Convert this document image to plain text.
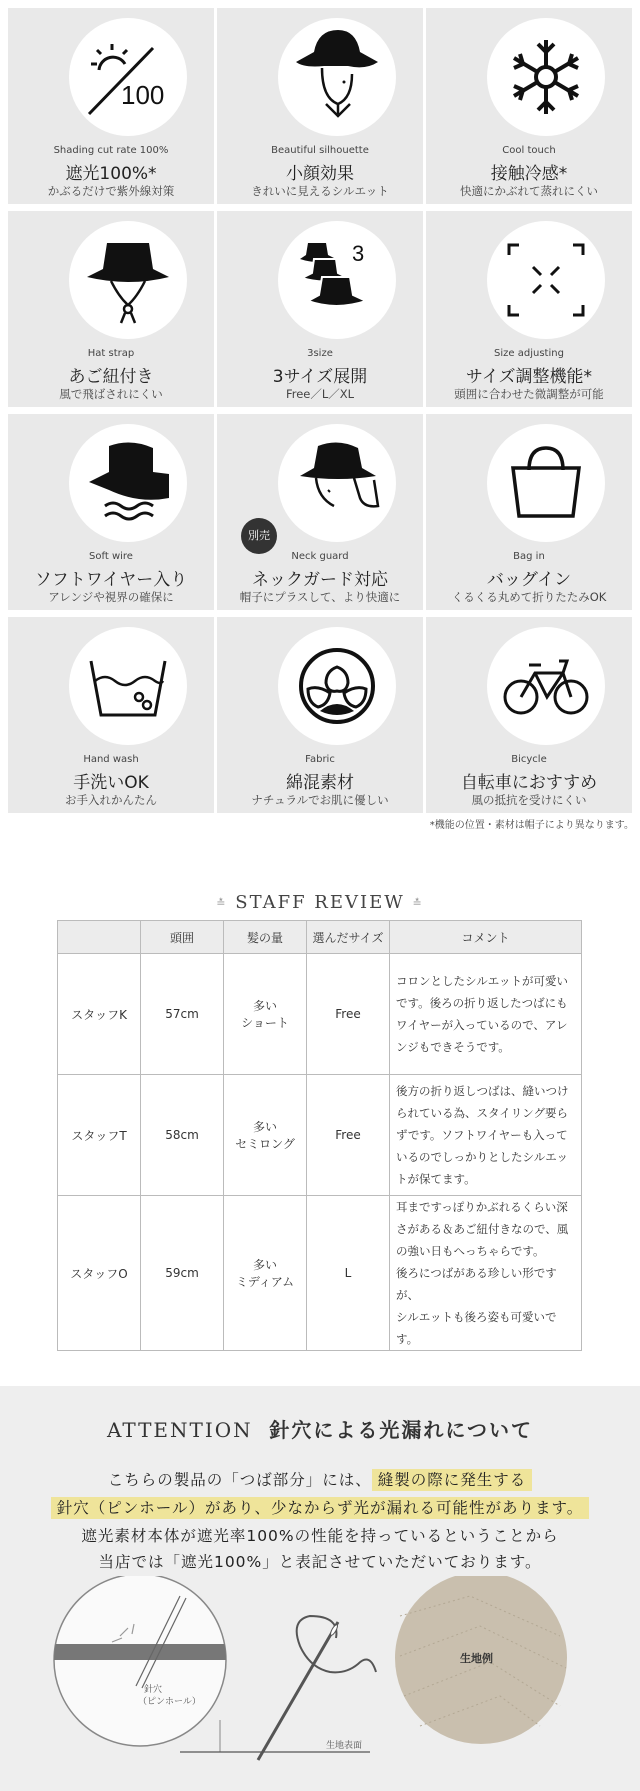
100
Shading cut rate 100%
遮光100%*
かぶるだけで紫外線対策
Beautiful silhouette
小顔効果
きれいに見えるシルエット
Cool touch
接触冷感*
快適にかぶれて蒸れにくい
Hat strap
あご紐付き
風で飛ばされにくい
3
3size
3サイズ展開
Free／L／XL
Size adjusting
サイズ調整機能*
頭囲に合わせた微調整が可能
Soft wire
ソフトワイヤー入り
アレンジや視界の確保に
別売
Neck guard
ネックガード対応
帽子にプラスして、より快適に
Bag in
バッグイン
くるくる丸めて折りたたみOK
Hand wash
手洗いOK
お手入れかんたん
Fabric
綿混素材
ナチュラルでお肌に優しい
Bicycle
自転車におすすめ
風の抵抗を受けにくい
*機能の位置・素材は帽子により異なります。
≛ STAFF REVIEW ≛
	頭囲	髪の量	選んだサイズ	コメント
スタッフK	57cm	多い
ショート	Free	コロンとしたシルエットが可愛い
です。後ろの折り返したつばにも
ワイヤーが入っているので、アレ
ンジもできそうです。
スタッフT	58cm	多い
セミロング	Free	後方の折り返しつばは、縫いつけ
られている為、スタイリング要ら
ずです。ソフトワイヤーも入って
いるのでしっかりとしたシルエッ
トが保てます。
スタッフO	59cm	多い
ミディアム	L	耳まですっぽりかぶれるくらい深
さがある＆あご紐付きなので、風
の強い日もへっちゃらです。
後ろにつばがある珍しい形ですが、
シルエットも後ろ姿も可愛いです。
ATTENTION 針穴による光漏れについて
こちらの製品の「つば部分」には、 縫製の際に発生する
針穴（ピンホール）があり、少なからず光が漏れる可能性があります。
遮光素材本体が遮光率100%の性能を持っているということから
当店では「遮光100%」と表記させていただいております。
針穴
（ピンホール）
生地表面
生地例
